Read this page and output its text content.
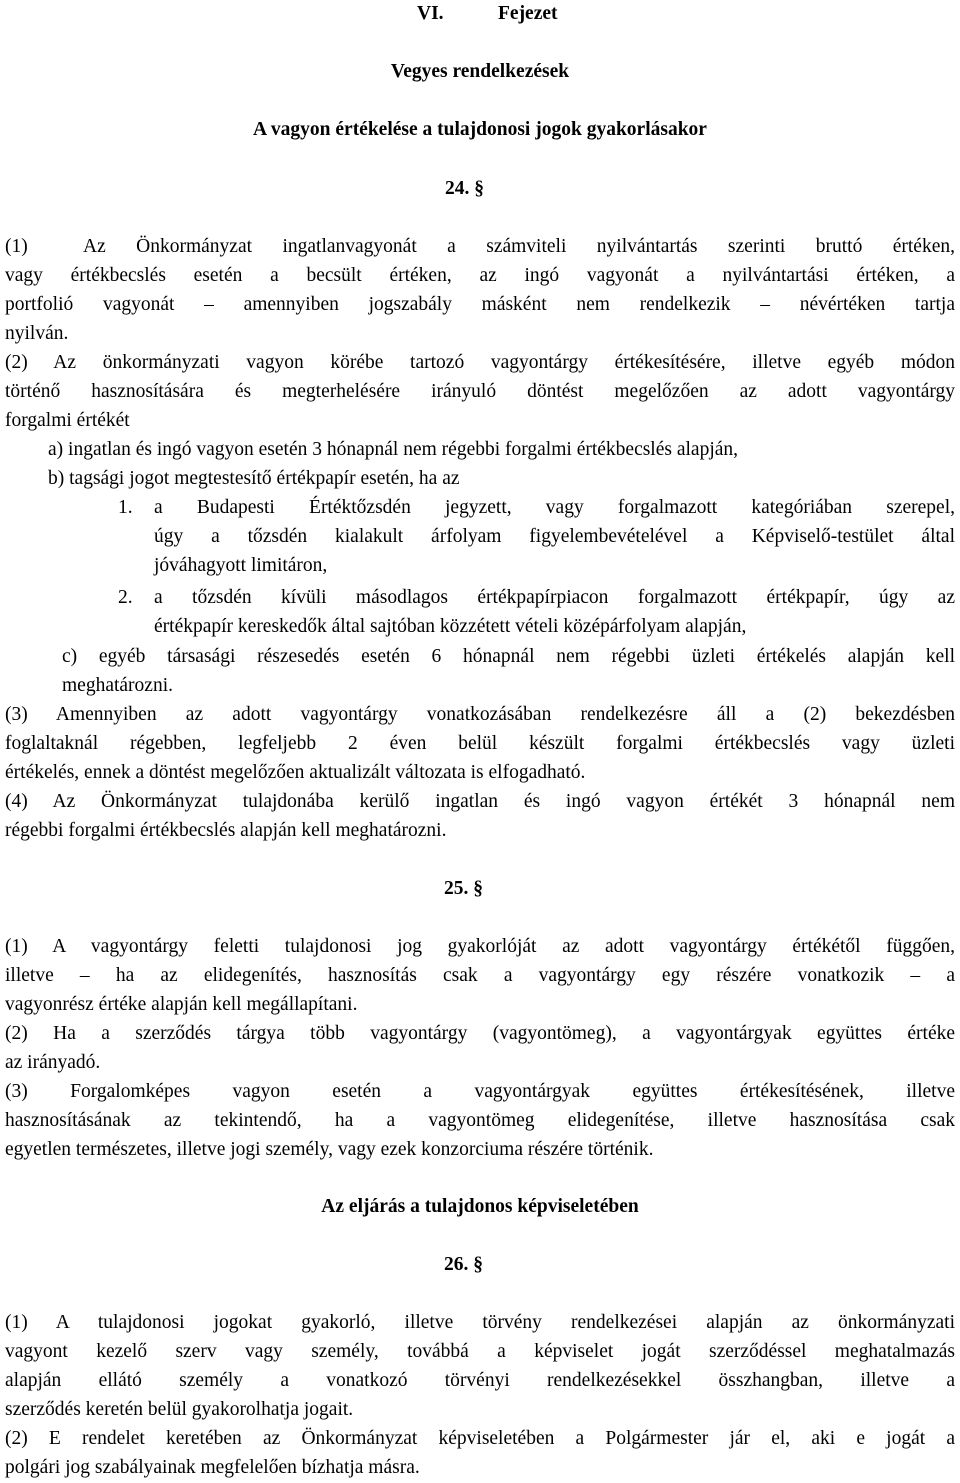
VI.	Fejezet
Vegyes rendelkezések
A vagyon értékelése a tulajdonosi jogok gyakorlásakor
24. §
(1)	Az Önkormányzat ingatlanvagyonát a számviteli nyilvántartás szerinti bruttó értéken,
vagy értékbecslés esetén a becsült értéken, az ingó vagyonát a nyilvántartási értéken, a
portfolió vagyonát – amennyiben jogszabály másként nem rendelkezik – névértéken tartja
nyilván.
(2) Az önkormányzati vagyon körébe tartozó vagyontárgy értékesítésére, illetve egyéb módon
történő hasznosítására és megterhelésére irányuló döntést megelőzően az adott vagyontárgy
forgalmi értékét
a) ingatlan és ingó vagyon esetén 3 hónapnál nem régebbi forgalmi értékbecslés alapján,
b) tagsági jogot megtestesítő értékpapír esetén, ha az
1. a Budapesti Értéktőzsdén jegyzett, vagy forgalmazott kategóriában szerepel,
úgy a tőzsdén kialakult árfolyam figyelembevételével a Képviselő-testület által
jóváhagyott limitáron,
2. a tőzsdén kívüli másodlagos értékpapírpiacon forgalmazott értékpapír, úgy az
értékpapír kereskedők által sajtóban közzétett vételi középárfolyam alapján,
c) egyéb társasági részesedés esetén 6 hónapnál nem régebbi üzleti értékelés alapján kell
meghatározni.
(3) Amennyiben az adott vagyontárgy vonatkozásában rendelkezésre áll a (2) bekezdésben
foglaltaknál régebben, legfeljebb 2 éven belül készült forgalmi értékbecslés vagy üzleti
értékelés, ennek a döntést megelőzően aktualizált változata is elfogadható.
(4) Az Önkormányzat tulajdonába kerülő ingatlan és ingó vagyon értékét 3 hónapnál nem
régebbi forgalmi értékbecslés alapján kell meghatározni.
25. §
(1) A vagyontárgy feletti tulajdonosi jog gyakorlóját az adott vagyontárgy értékétől függően,
illetve – ha az elidegenítés, hasznosítás csak a vagyontárgy egy részére vonatkozik – a
vagyonrész értéke alapján kell megállapítani.
(2) Ha a szerződés tárgya több vagyontárgy (vagyontömeg), a vagyontárgyak együttes értéke
az irányadó.
(3) Forgalomképes vagyon esetén a vagyontárgyak együttes értékesítésének, illetve
hasznosításának az tekintendő, ha a vagyontömeg elidegenítése, illetve hasznosítása csak
egyetlen természetes, illetve jogi személy, vagy ezek konzorciuma részére történik.
Az eljárás a tulajdonos képviseletében
26. §
(1) A tulajdonosi jogokat gyakorló, illetve törvény rendelkezései alapján az önkormányzati
vagyont kezelő szerv vagy személy, továbbá a képviselet jogát szerződéssel meghatalmazás
alapján ellátó személy a vonatkozó törvényi rendelkezésekkel összhangban, illetve a
szerződés keretén belül gyakorolhatja jogait.
(2) E rendelet keretében az Önkormányzat képviseletében a Polgármester jár el, aki e jogát a
polgári jog szabályainak megfelelően bízhatja másra.
